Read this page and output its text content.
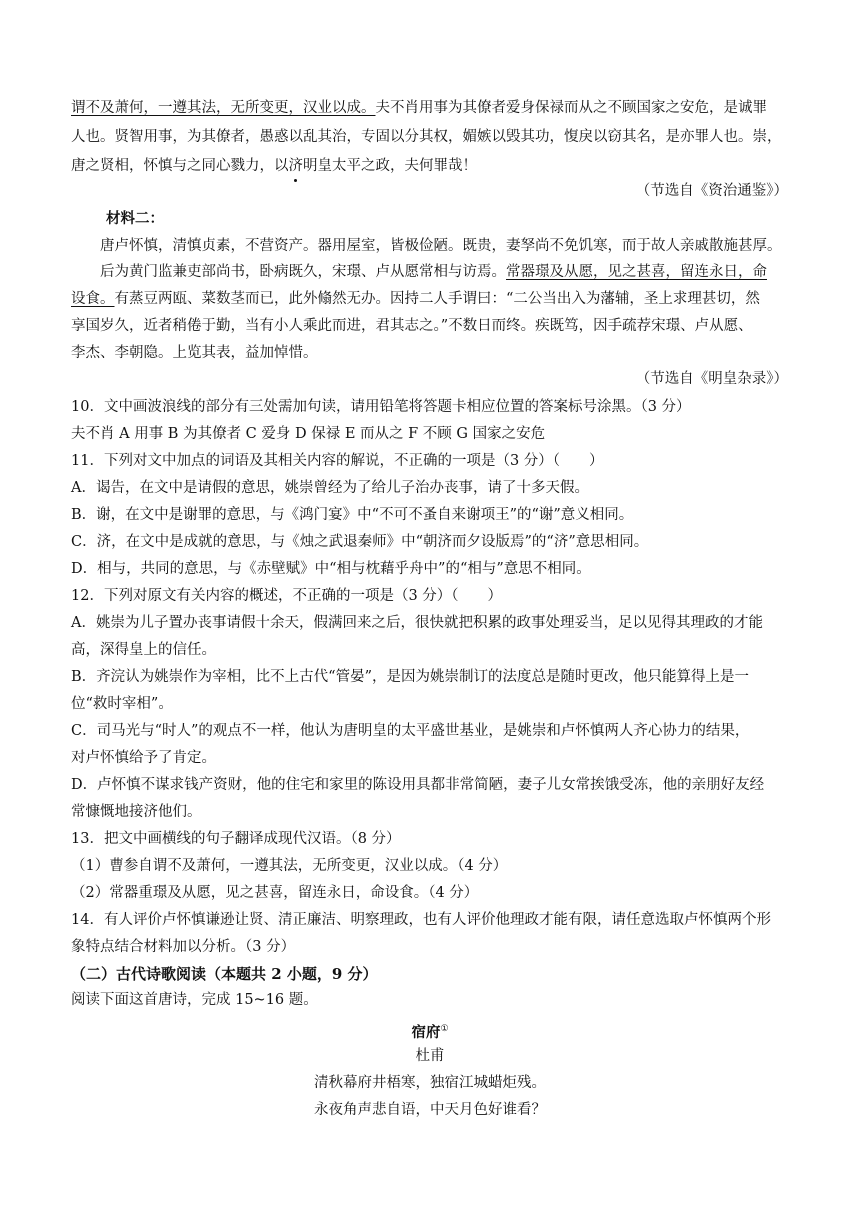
谓不及萧何，一遵其法，无所变更，汉业以成。夫不肖用事为其僚者爱身保禄而从之不顾国家之安危，是诚罪
人也。贤智用事，为其僚者，愚惑以乱其治，专固以分其权，媚嫉以毁其功，愎戾以窃其名，是亦罪人也。崇，
唐之贤相，怀慎与之同心戮力，以济明皇太平之政，夫何罪哉！
（节选自《资治通鉴》）
材料二：
唐卢怀慎，清慎贞素，不营资产。器用屋室，皆极俭陋。既贵，妻孥尚不免饥寒，而于故人亲戚散施甚厚。
后为黄门监兼吏部尚书，卧病既久，宋璟、卢从愿常相与访焉。常器璟及从愿，见之甚喜，留连永日，命
设食。有蒸豆两瓯、菜数茎而已，此外翛然无办。因持二人手谓曰：“二公当出入为藩辅，圣上求理甚切，然
享国岁久，近者稍倦于勤，当有小人乘此而进，君其志之。”不数日而终。疾既笃，因手疏荐宋璟、卢从愿、
李杰、李朝隐。上览其表，益加悼惜。
（节选自《明皇杂录》）
10．文中画波浪线的部分有三处需加句读，请用铅笔将答题卡相应位置的答案标号涂黑。（3 分）
夫不肖 A 用事 B 为其僚者 C 爱身 D 保禄 E 而从之 F 不顾 G 国家之安危
11．下列对文中加点的词语及其相关内容的解说，不正确的一项是（3 分）（　　）
A．谒告，在文中是请假的意思，姚崇曾经为了给儿子治办丧事，请了十多天假。
B．谢，在文中是谢罪的意思，与《鸿门宴》中“不可不蚤自来谢项王”的“谢”意义相同。
C．济，在文中是成就的意思，与《烛之武退秦师》中“朝济而夕设版焉”的“济”意思相同。
D．相与，共同的意思，与《赤壁赋》中“相与枕藉乎舟中”的“相与”意思不相同。
12．下列对原文有关内容的概述，不正确的一项是（3 分）（　　）
A．姚崇为儿子置办丧事请假十余天，假满回来之后，很快就把积累的政事处理妥当，足以见得其理政的才能
高，深得皇上的信任。
B．齐浣认为姚崇作为宰相，比不上古代“管晏”，是因为姚崇制订的法度总是随时更改，他只能算得上是一
位“救时宰相”。
C．司马光与“时人”的观点不一样，他认为唐明皇的太平盛世基业，是姚崇和卢怀慎两人齐心协力的结果，
对卢怀慎给予了肯定。
D．卢怀慎不谋求钱产资财，他的住宅和家里的陈设用具都非常简陋，妻子儿女常挨饿受冻，他的亲朋好友经
常慷慨地接济他们。
13．把文中画横线的句子翻译成现代汉语。（8 分）
（1）曹参自谓不及萧何，一遵其法，无所变更，汉业以成。（4 分）
（2）常器重璟及从愿，见之甚喜，留连永日，命设食。（4 分）
14．有人评价卢怀慎谦逊让贤、清正廉洁、明察理政，也有人评价他理政才能有限，请任意选取卢怀慎两个形
象特点结合材料加以分析。（3 分）
（二）古代诗歌阅读（本题共 2 小题，9 分）
阅读下面这首唐诗，完成 15~16 题。
宿府①
杜甫
清秋幕府井梧寒，独宿江城蜡炬残。
永夜角声悲自语，中天月色好谁看？
